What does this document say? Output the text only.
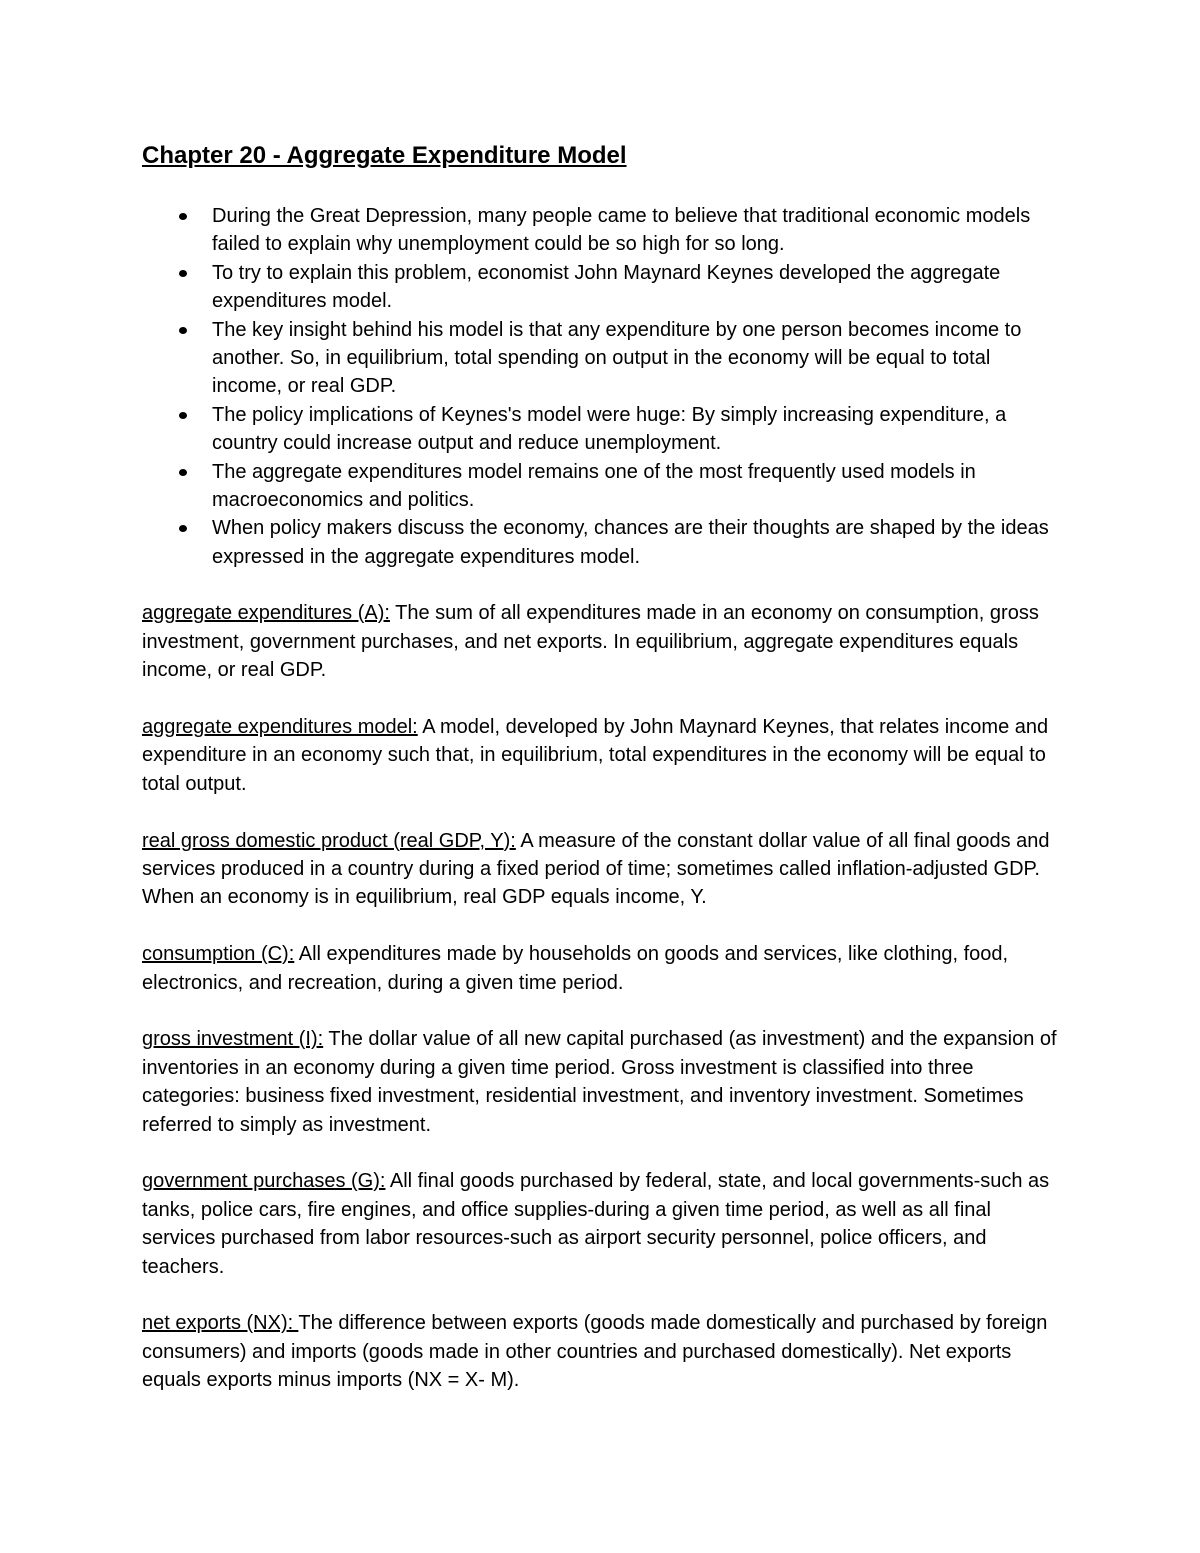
Chapter 20 - Aggregate Expenditure Model
During the Great Depression, many people came to believe that traditional economic models failed to explain why unemployment could be so high for so long.
To try to explain this problem, economist John Maynard Keynes developed the aggregate expenditures model.
The key insight behind his model is that any expenditure by one person becomes income to another. So, in equilibrium, total spending on output in the economy will be equal to total income, or real GDP.
The policy implications of Keynes's model were huge: By simply increasing expenditure, a country could increase output and reduce unemployment.
The aggregate expenditures model remains one of the most frequently used models in macroeconomics and politics.
When policy makers discuss the economy, chances are their thoughts are shaped by the ideas expressed in the aggregate expenditures model.

aggregate expenditures (A): The sum of all expenditures made in an economy on consumption, gross investment, government purchases, and net exports. In equilibrium, aggregate expenditures equals income, or real GDP.

aggregate expenditures model: A model, developed by John Maynard Keynes, that relates income and expenditure in an economy such that, in equilibrium, total expenditures in the economy will be equal to total output.

real gross domestic product (real GDP, Y): A measure of the constant dollar value of all final goods and services produced in a country during a fixed period of time; sometimes called inflation-adjusted GDP. When an economy is in equilibrium, real GDP equals income, Y.

consumption (C): All expenditures made by households on goods and services, like clothing, food, electronics, and recreation, during a given time period.

gross investment (I): The dollar value of all new capital purchased (as investment) and the expansion of inventories in an economy during a given time period. Gross investment is classified into three categories: business fixed investment, residential investment, and inventory investment. Sometimes referred to simply as investment.

government purchases (G): All final goods purchased by federal, state, and local governments-such as tanks, police cars, fire engines, and office supplies-during a given time period, as well as all final services purchased from labor resources-such as airport security personnel, police officers, and teachers.

net exports (NX): The difference between exports (goods made domestically and purchased by foreign consumers) and imports (goods made in other countries and purchased domestically). Net exports equals exports minus imports (NX = X- M).
